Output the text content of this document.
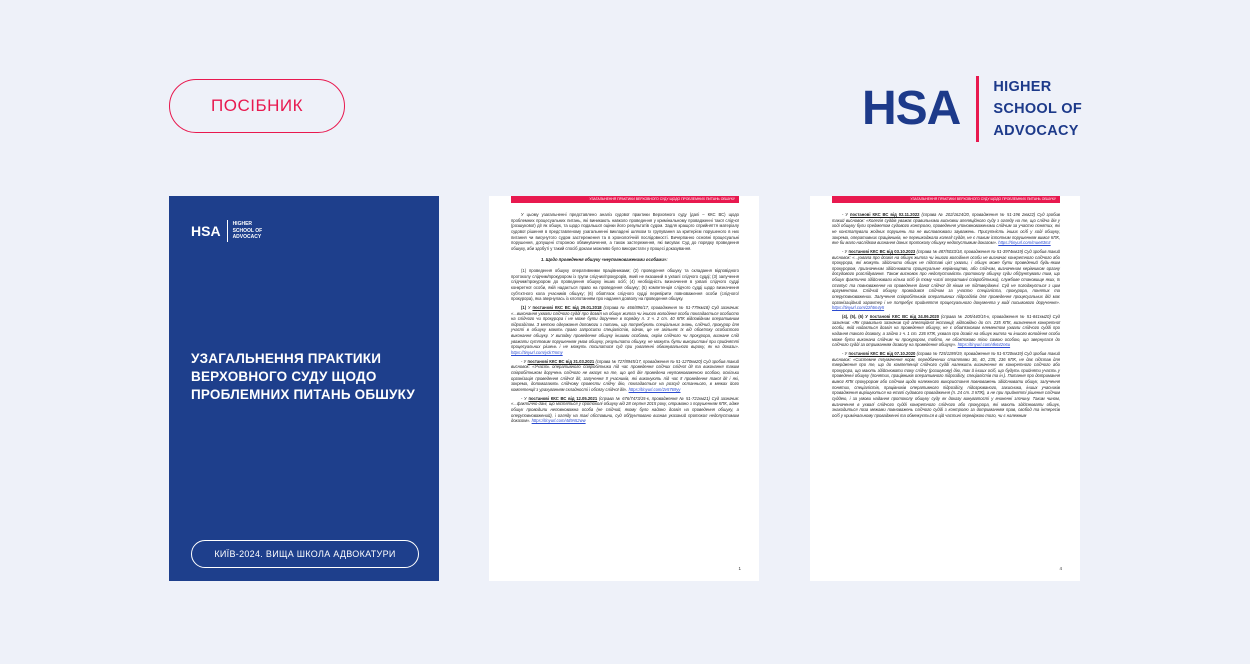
ПОСІБНИК	HSA HIGHER
SCHOOL OF
ADVOCACY
HSA HIGHER
SCHOOL OF
ADVOCACY
УЗАГАЛЬНЕННЯ ПРАКТИКИ ВЕРХОВНОГО СУДУ ЩОДО ПРОБЛЕМНИХ ПИТАНЬ ОБШУКУ
КИЇВ-2024. ВИЩА ШКОЛА АДВОКАТУРИ
УЗАГАЛЬНЕННЯ ПРАКТИКИ ВЕРХОВНОГО СУДУ ЩОДО ПРОБЛЕМНИХ ПИТАНЬ ОБШУКУ

У цьому узагальненні представлено аналіз судової практики Верховного суду (далі – ККС ВС) щодо проблемних процесуальних питань, які виникають навколо проведення у кримінальному провадженні такої слідчої (розшукової) дії як обшук, та щодо подальшої оцінки його результатів судом. Задля кращого сприйняття матеріалу судової рішення в представленому узагальненні викладені шляхом їх групування за критерієм порушеного в них питання чи висунутого судом застереження та в хронологічній послідовності. Вичерпанно основні процесуальні порушення, допущені стороною обвинувачення, а також застереження, які висуває Суд до порядку проведення обшуку, аби здобуті у такий спосіб докази можливо було використати у процесі доказування.

1. Щодо проведення обшуку «неуповноваженими особами»:

(1) проведення обшуку оперативними працівниками; (2) проведення обшуку та складання відповідного протоколу слідчим/прокурором із групи слідчих/прокурорів, який не вказаний в ухвалі слідчого судді; (3) залучення слідчим/прокурором до проведення обшуку інших осіб; (4) необхідність визначення в ухвалі слідчого судді конкретної особи, якій надається право на проведення обшуку; (5) компетенція слідчого судді щодо визначення суб'єктного кола учасників обшуку; (6) обов'язок слідчого судді перевірити повноваження особи (слідчого/прокурора), яка звернулась із клопотанням про надання дозволу на проведення обшуку.

(1) У постанові ККС ВС від 29.01.2018 (справа № 466/896/17, провадження № 51-779км18) Суд зазначив: «...виконання ухвали слідчого судді про дозвіл на обшук житла чи іншого володіння особи покладається особисто на слідчого чи прокурора і не може бути доручене в порядку п. 3 ч. 2 ст. 40 КПК відповідним оперативним підрозділам. З метою одержання допомоги з питань, що потребують спеціальних знань, слідчий, прокурор для участі в обшуку мають право запросити спеціалістів, однак, це не звільняє їх від обов'язку особистого виконання обшуку. У випадку проведення обшуку іншими особами, окрім слідчого чи прокурора, визнане слід уважати суттєвим порушенням умов обшуку, результати обшуку, не можуть бути використані при прийнятті процесуальних рішень і не можуть посилатися суд при ухваленні обвинувального вироку, як на докази». https://tinyurl.com/yck7mmy

- У постанові ККС ВС від 31.03.2021 (справа № 727/8945/17, провадження № 51-1270км20) Суд зробив такий висновок: «Участь оперативного співробітника під час проведення слідчих слідчої дії та виконання таким співробітником доручень слідчого не вказує на те, що цей дія проведена неуповноваженою особою, оскільки організація проведення слідчої дії, залучення її учасників, які виконують під час її проведення такої дії і які, зокрема, допомагають слідчому провести слідчу дію, покладається на розсуд останнього, в межах його компетенції з урахуванням складності і обсягу слідчої дії». https://tinyurl.com/2v5769yy

- У постанові ККС ВС від 12.05.2021 (справа № 676/7473/15-к, провадження № 51-721км21) Суд зазначив: «...фактично дані, що містяться у протоколі обшуку від 28 серпня 2015 року, отримано з порушенням КПК, адже обшук проводили неповноважна особа (не слідчий, якому було надано дозвіл на проведення обшуку, а оперуповноважений), і огляду на такі обставини, суд обґрунтовано визнав указаний протокол недопустимим доказом». https://tinyurl.com/4d9n52ww

1
УЗАГАЛЬНЕННЯ ПРАКТИКИ ВЕРХОВНОГО СУДУ ЩОДО ПРОБЛЕМНИХ ПИТАНЬ ОБШУКУ

- У постанові ККС ВС від 02.11.2022 (справа № 202/1624/20, провадження № 51-196 2км22) Суд зробив такий висновок: «Колегія суддів уважає правильними висновки апеляційного суду з огляду на те, що слідча дія у ході обшуку були предметом судового контролю, проведення упоновноваженими слідчим за участю понятих, які не констатували жодних порушень та не висловлювали зауважень. Присутність інших осіб у ході обшуку, зокрема, оперативних працівників, не перешкоджала колегії суддя, не є таким істотним порушенням вимог КПК, яке би мало наслідком визнання даних протоколу обшуку недопустимим доказом». https://tinyurl.com/mue83mz

- У постанові ККС ВС від 03.10.2023 (справа № 487/5033/18, провадження № 51-3974км19) Суд зробив такий висновок: «...ухвала про дозвіл на обшук житла чи іншого володіння особи не визначає конкретного слідчого або прокурора, які можуть здійснити обшук не підставі цієї ухвали, і обшук може бути проведений будь-яким прокурором, призначеним здійснювати процесуальне керівництво, або слідчим, визначеним керівником органу досудового розслідування. Також висновок про недопустимість протоколу обшуку суди обґрунтували тим, що обшук фактично здійснювали кілька осіб (в тому числі оперативні співробітники), службове становище яких, їх статус та повноваження на проведення даної слідчої дії ніким не підтверджені. Суд не погоджується з цим аргументом. Слідчий обшуку проводився слідчим за участю спеціаліста, прокурора, понятих та оперуповноважених. Залучення співробітників оперативних підрозділів для проведення процесуальних дій має організаційний характер і не потребує прийняття процесуального документа у виді письмового доручення». https://tinyurl.com/2zhtm4y5

(4), (5), (6) У постанові ККС ВС від 24.06.2020 (справа № 205/440/15-к, провадження № 51-841км20) Суд зазначив: «Як правильно зазначив суд апеляційної інстанції, відповідно до ст. 235 КПК, визначення конкретної особи, якій надається дозвіл на проведення обшуку, не є обов'язковим елементом ухвали слідчого судді про надання такого дозволу, а згідно з ч. 1 ст. 236 КПК, ухвала про дозвіл на обшук житла чи іншого володіння особи може бути виконана слідчим чи прокурором, тобто, не обов'язково тією самою особою, що звернулася до слідчого судді за отриманням дозволу на проведення обшуку». https://tinyurl.com/4k642n6u

- У постанові ККС ВС від 07.10.2020 (справа № 725/1199/19, провадження № 51-5720км19) Суд зробив такий висновок: «Системне тлумачення норм, передбачених статтями 36, 40, 235, 236 КПК, не дає підстав для твердження про те, що до компетенції слідчого судді належить визначення як конкретного слідчого або прокурора, що мають здійснювати таку слідчу (розшукову) дію, так й інших осіб, що будуть прийняти участь у проведенні обшуку (понятих, працівників оперативного підрозділу, спеціалістів та ін.). Питання про дотримання вимог КПК прокурором або слідчим щодо належного використання повноважень здійснювати обшук, залучення понятих, спеціалістів, працівників оперативного підрозділу, підозрюваного, захисника, інших учасників провадження вирішуються на етапі судового провадження (п. 24 ст. 3 КПК), а не при прийнятті рішення слідчим суддею, і за умови надання протоколу обшуку суду як доказу винуватості у вчиненні злочину. Таким чином, визначення в ухвалі слідчого судді конкретного слідчого або прокурора, які мають здійснювати обшук, знаходиться поза межами повноважень слідчого судді з контролю за дотриманням прав, свобод та інтересів осіб у кримінальному провадженні та обмежується в цій частині перевіркою того, чи є належним

4
